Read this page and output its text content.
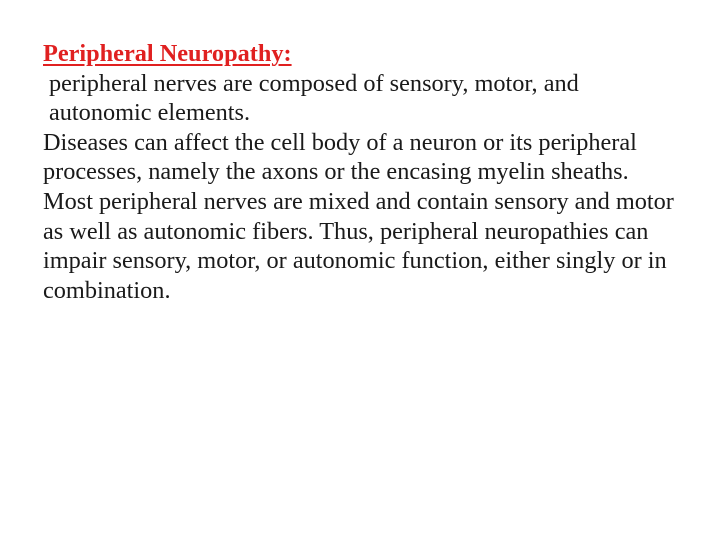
Peripheral Neuropathy:

peripheral nerves are composed of sensory, motor, and autonomic elements.

Diseases can affect the cell body of a neuron or its peripheral processes, namely the axons or the encasing myelin sheaths.

Most peripheral nerves are mixed and contain sensory and motor as well as autonomic fibers. Thus, peripheral neuropathies can impair sensory, motor, or autonomic function, either singly or in combination.
